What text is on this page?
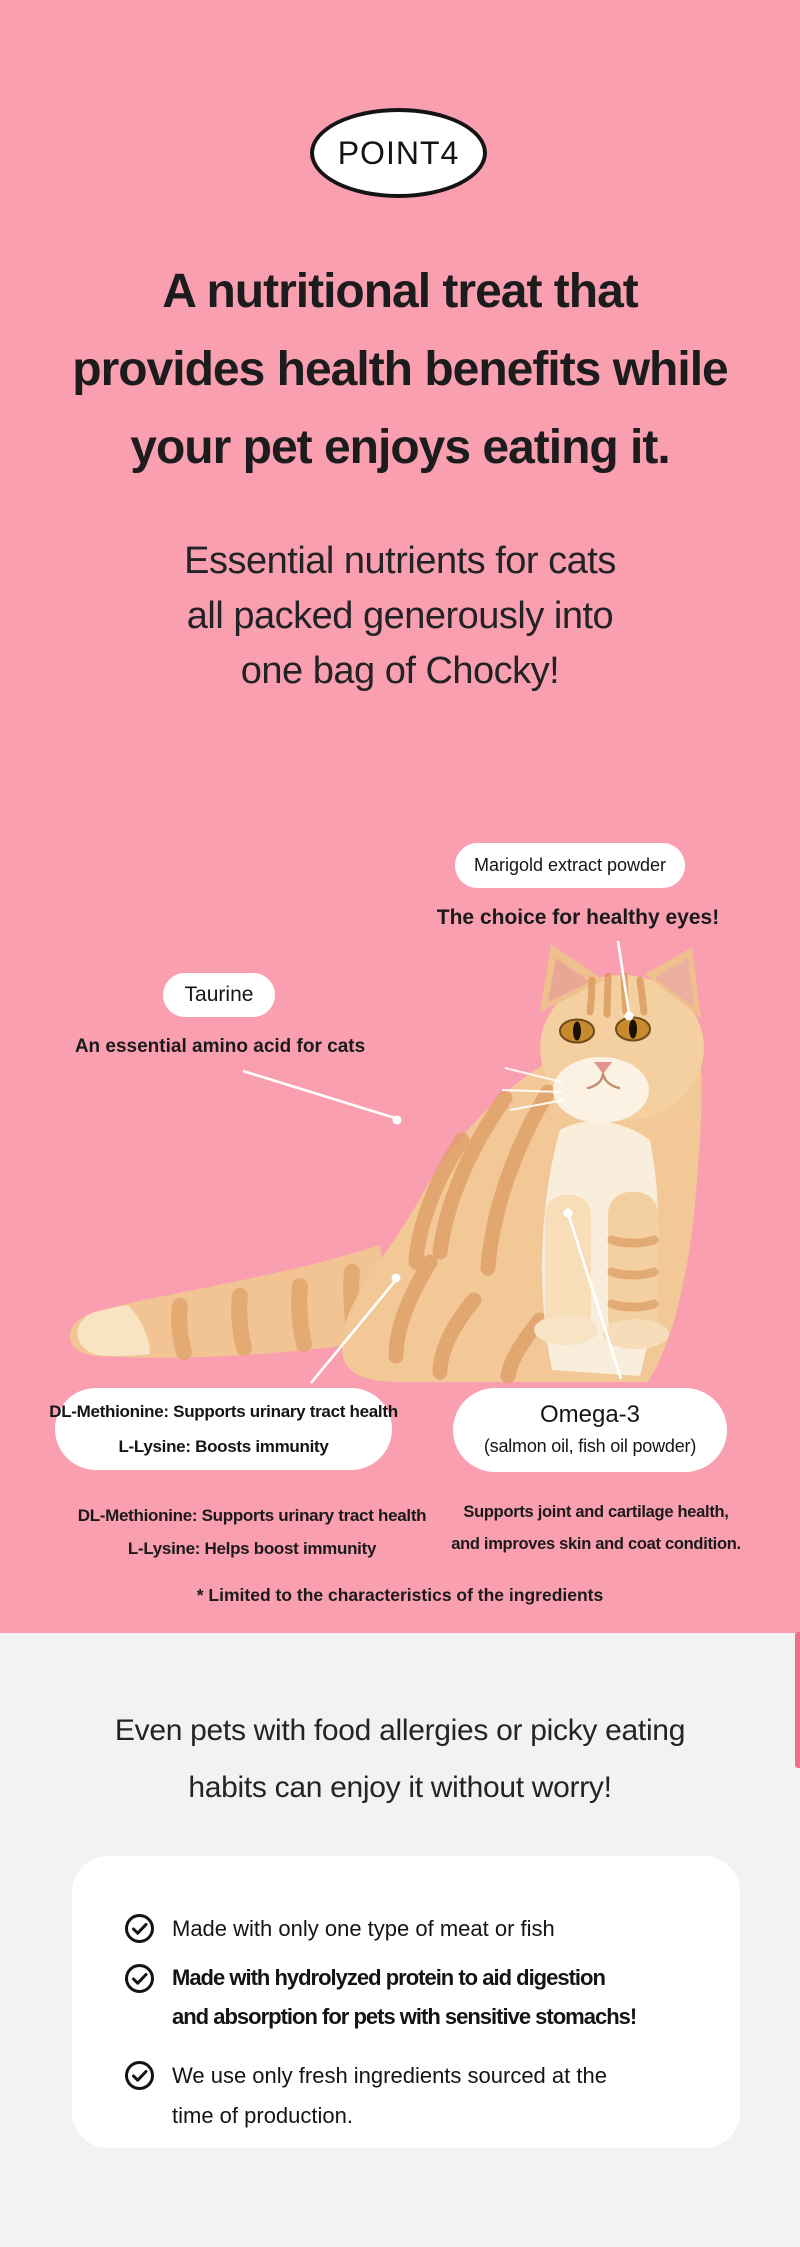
POINT4
A nutritional treat that
provides health benefits while
your pet enjoys eating it.
Essential nutrients for cats
all packed generously into
one bag of Chocky!
Marigold extract powder
The choice for healthy eyes!
Taurine
An essential amino acid for cats
DL-Methionine: Supports urinary tract health
L-Lysine: Boosts immunity
Omega-3
(salmon oil, fish oil powder)
DL-Methionine: Supports urinary tract health
L-Lysine: Helps boost immunity
Supports joint and cartilage health,
and improves skin and coat condition.
* Limited to the characteristics of the ingredients
Even pets with food allergies or picky eating
habits can enjoy it without worry!
Made with only one type of meat or fish
Made with hydrolyzed protein to aid digestion
and absorption for pets with sensitive stomachs!
We use only fresh ingredients sourced at the
time of production.
